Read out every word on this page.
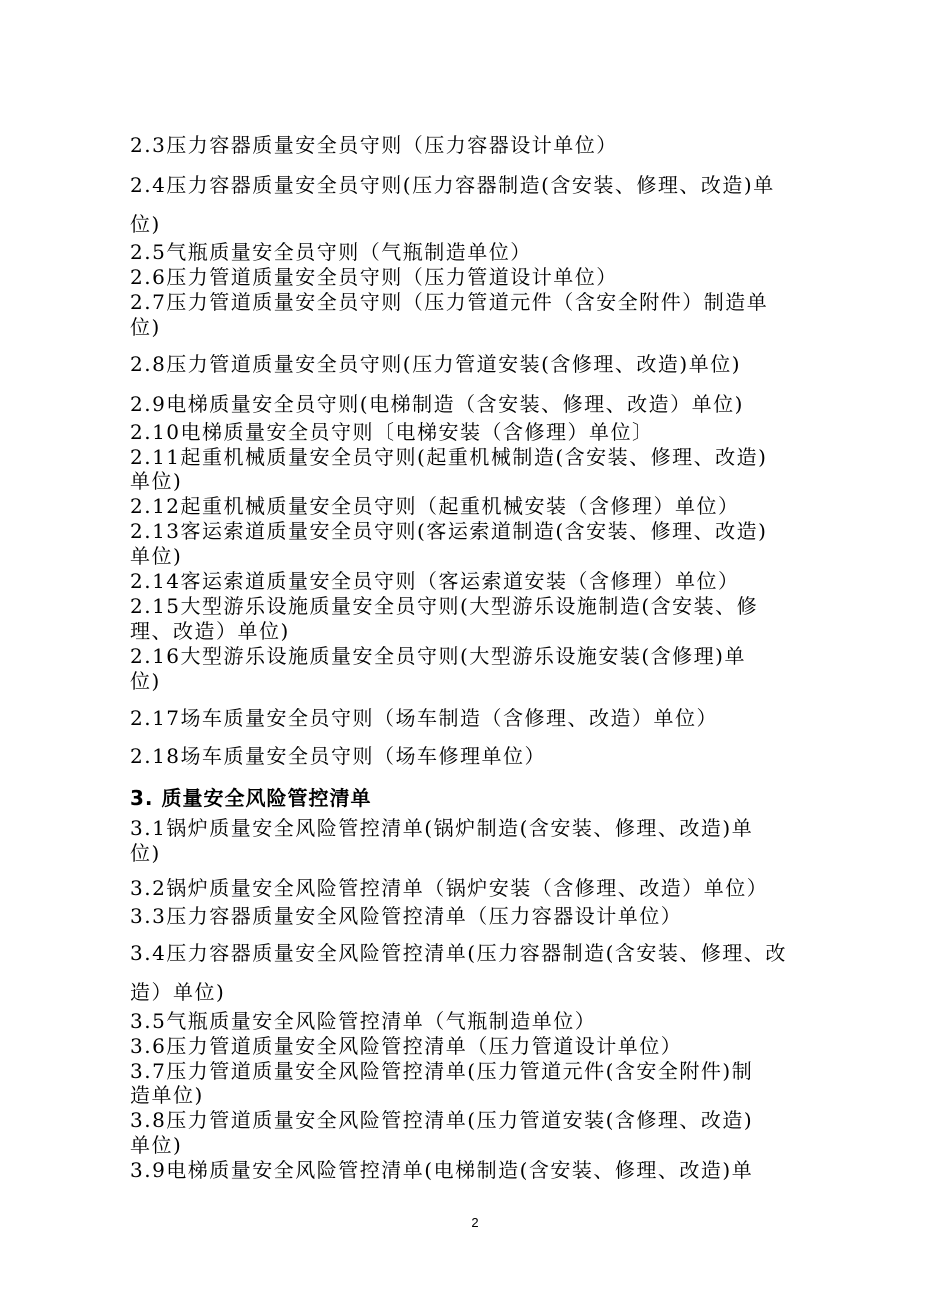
2.3压力容器质量安全员守则（压力容器设计单位）
2.4压力容器质量安全员守则(压力容器制造(含安装、修理、改造)单
位)
2.5气瓶质量安全员守则（气瓶制造单位）
2.6压力管道质量安全员守则（压力管道设计单位）
2.7压力管道质量安全员守则（压力管道元件（含安全附件）制造单
位)
2.8压力管道质量安全员守则(压力管道安装(含修理、改造)单位)
2.9电梯质量安全员守则(电梯制造（含安装、修理、改造）单位)
2.10电梯质量安全员守则〔电梯安装（含修理）单位〕
2.11起重机械质量安全员守则(起重机械制造(含安装、修理、改造)
单位)
2.12起重机械质量安全员守则（起重机械安装（含修理）单位）
2.13客运索道质量安全员守则(客运索道制造(含安装、修理、改造)
单位)
2.14客运索道质量安全员守则（客运索道安装（含修理）单位）
2.15大型游乐设施质量安全员守则(大型游乐设施制造(含安装、修
理、改造）单位)
2.16大型游乐设施质量安全员守则(大型游乐设施安装(含修理)单
位)
2.17场车质量安全员守则（场车制造（含修理、改造）单位）
2.18场车质量安全员守则（场车修理单位）
3. 质量安全风险管控清单
3.1锅炉质量安全风险管控清单(锅炉制造(含安装、修理、改造)单
位)
3.2锅炉质量安全风险管控清单（锅炉安装（含修理、改造）单位）
3.3压力容器质量安全风险管控清单（压力容器设计单位）
3.4压力容器质量安全风险管控清单(压力容器制造(含安装、修理、改
造）单位)
3.5气瓶质量安全风险管控清单（气瓶制造单位）
3.6压力管道质量安全风险管控清单（压力管道设计单位）
3.7压力管道质量安全风险管控清单(压力管道元件(含安全附件)制
造单位)
3.8压力管道质量安全风险管控清单(压力管道安装(含修理、改造)
单位)
3.9电梯质量安全风险管控清单(电梯制造(含安装、修理、改造)单
2
